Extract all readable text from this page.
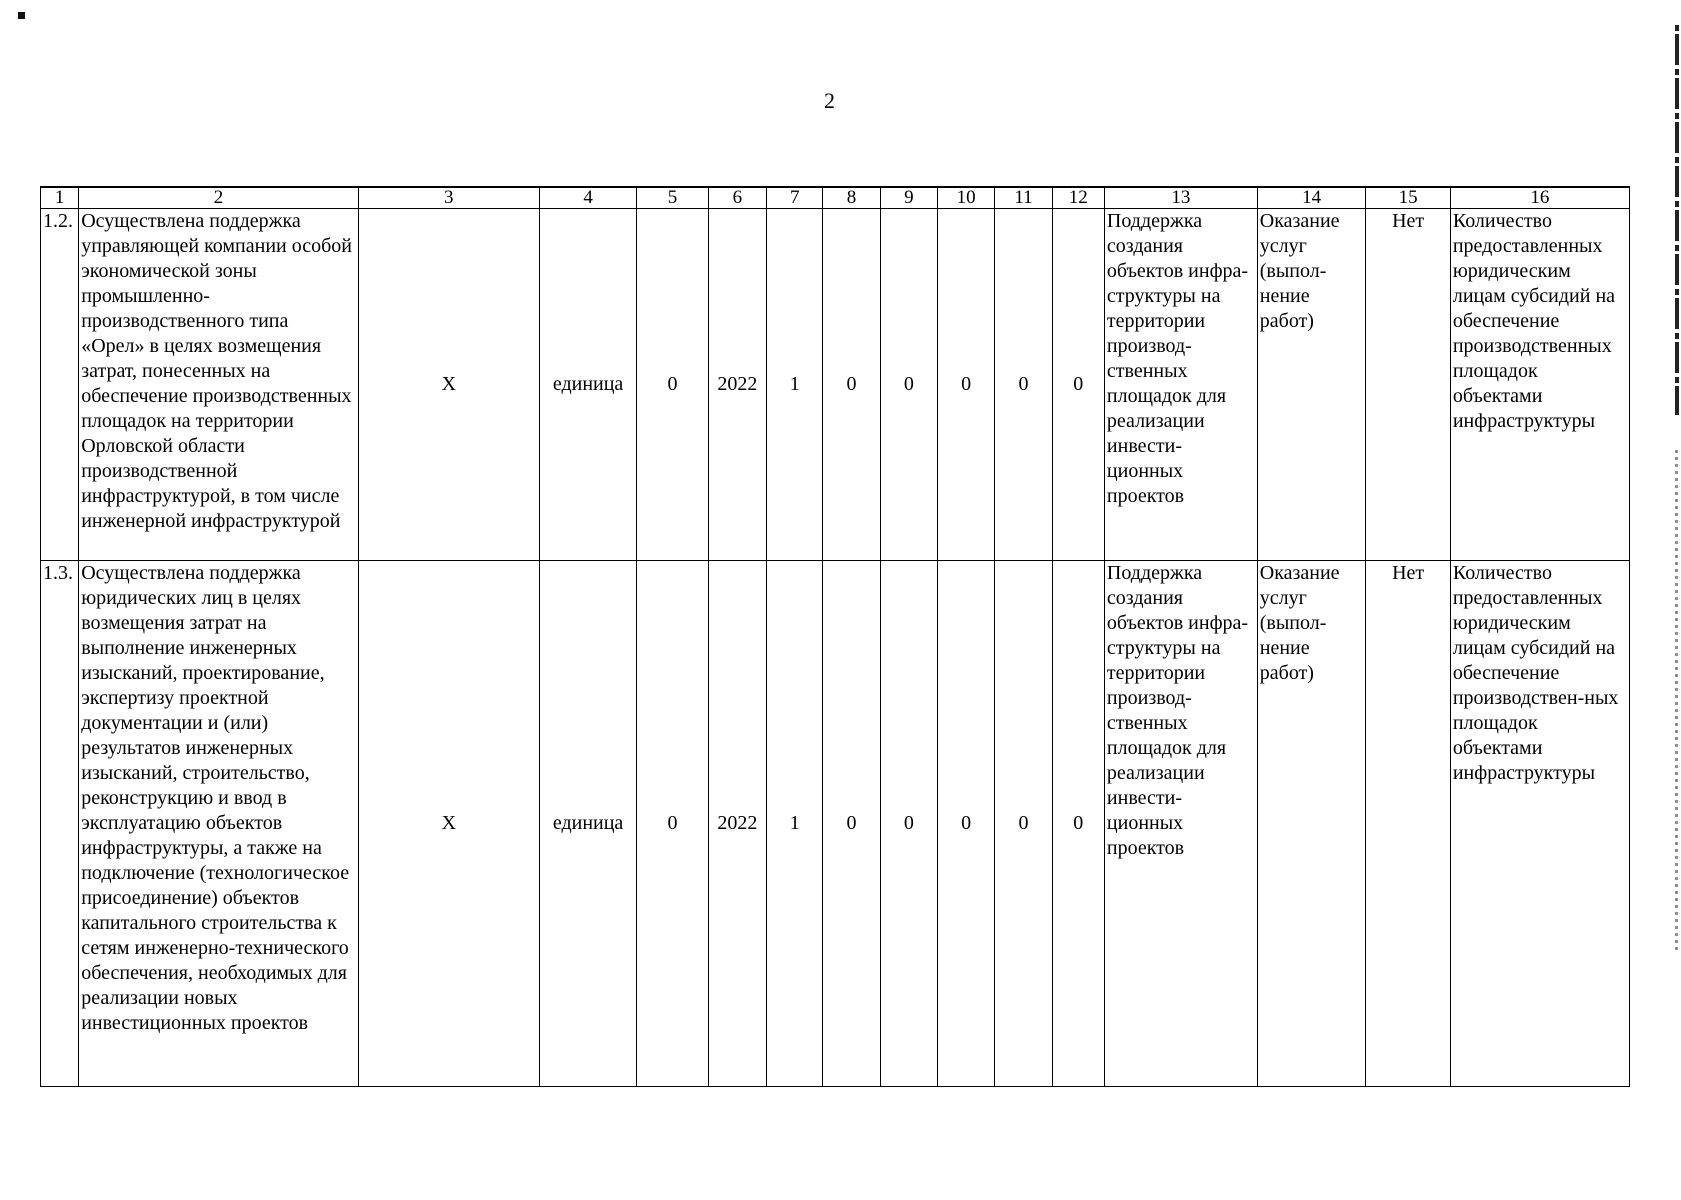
2
1	2	3	4	5	6	7	8	9	10	11	12	13	14	15	16
1.2.	Осуществлена поддержка управляющей компании особой экономической зоны промышленно-производственного типа «Орел» в целях возмещения затрат, понесенных на обеспечение производственных площадок на территории Орловской области производственной инфраструктурой, в том числе инженерной инфраструктурой	Х	единица	0	2022	1	0	0	0	0	0	Поддержка создания объектов инфра-структуры на территории производ-ственных площадок для реализации инвести-ционных проектов	Оказание услуг (выпол-нение работ)	Нет	Количество предоставленных юридическим лицам субсидий на обеспечение производственных площадок объектами инфраструктуры
1.3.	Осуществлена поддержка юридических лиц в целях возмещения затрат на выполнение инженерных изысканий, проектирование, экспертизу проектной документации и (или) результатов инженерных изысканий, строительство, реконструкцию и ввод в эксплуатацию объектов инфраструктуры, а также на подключение (технологическое присоединение) объектов капитального строительства к сетям инженерно-технического обеспечения, необходимых для реализации новых инвестиционных проектов	Х	единица	0	2022	1	0	0	0	0	0	Поддержка создания объектов инфра-структуры на территории производ-ственных площадок для реализации инвести-ционных проектов	Оказание услуг (выпол-нение работ)	Нет	Количество предоставленных юридическим лицам субсидий на обеспечение производствен-ных площадок объектами инфраструктуры
